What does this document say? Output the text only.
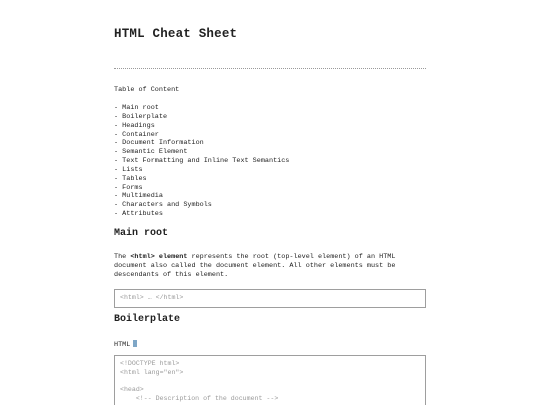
HTML Cheat Sheet
Table of Content
- Main root
- Boilerplate
- Headings
- Container
- Document Information
- Semantic Element
- Text Formatting and Inline Text Semantics
- Lists
- Tables
- Forms
- Multimedia
- Characters and Symbols
- Attributes
Main root

The <html> element represents the root (top-level element) of an HTML document also called the document element. All other elements must be descendants of this element.

<html> … </html>
Boilerplate
HTML
<!DOCTYPE html>
<html lang="en">

<head>
<!-- Description of the document -->
